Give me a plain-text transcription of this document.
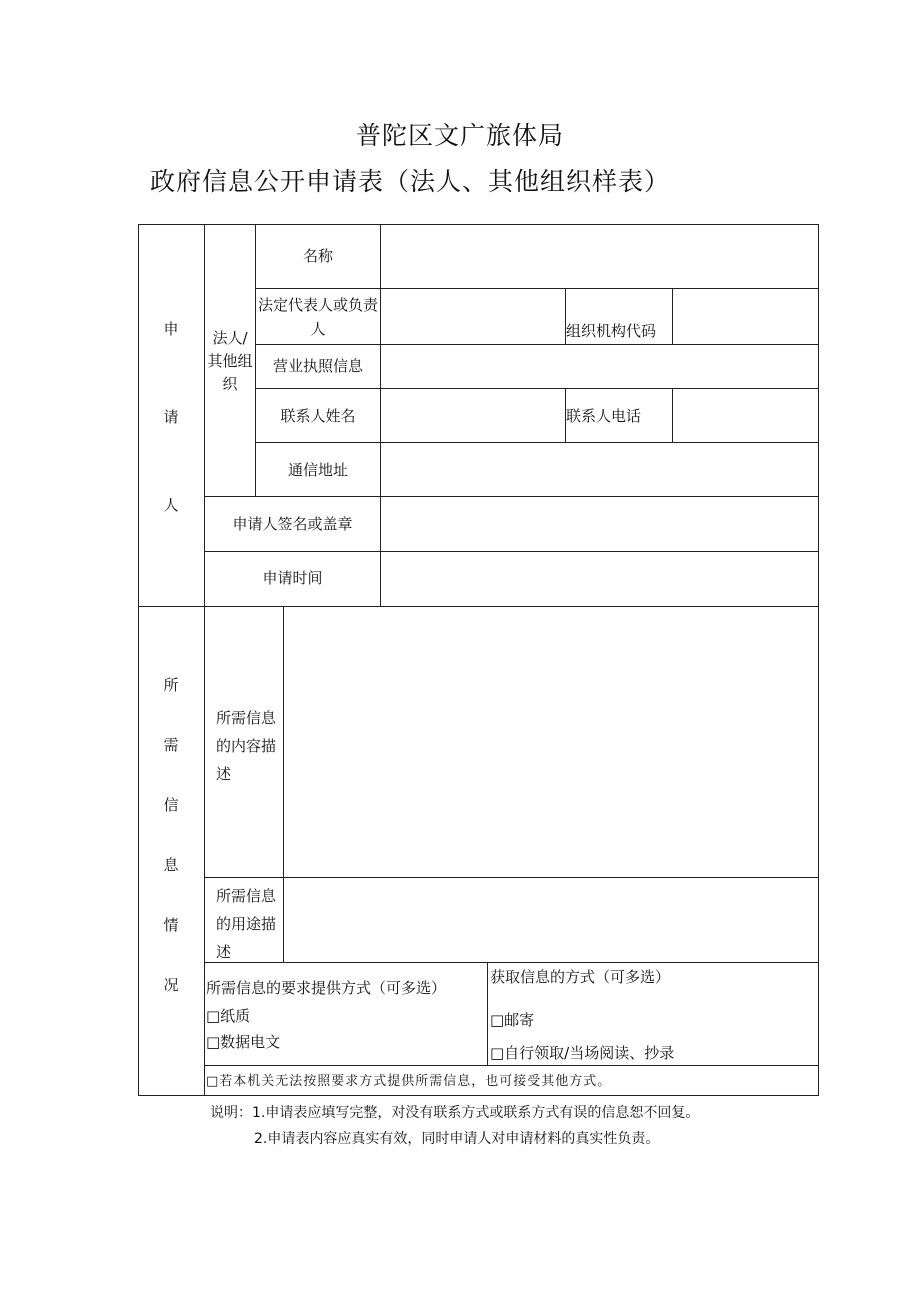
普陀区文广旅体局
政府信息公开申请表（法人、其他组织样表）
申
请
人
法人/其他组织
名称
法定代表人或负责人	组织机构代码
营业执照信息
联系人姓名	联系人电话
通信地址
申请人签名或盖章
申请时间
所
需
信
息
情
况
所需信息的内容描述
所需信息的用途描述
所需信息的要求提供方式（可多选）
□纸质
□数据电文
获取信息的方式（可多选）
□邮寄
□自行领取/当场阅读、抄录
□若本机关无法按照要求方式提供所需信息，也可接受其他方式。
说明：1.申请表应填写完整，对没有联系方式或联系方式有误的信息恕不回复。
2.申请表内容应真实有效，同时申请人对申请材料的真实性负责。
